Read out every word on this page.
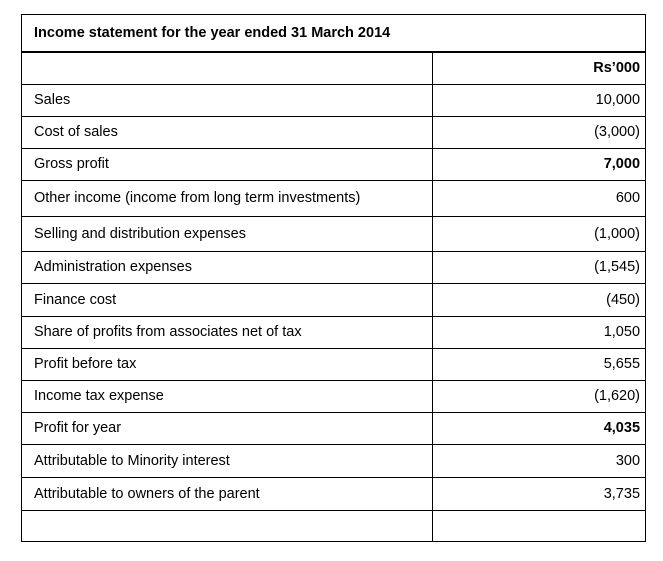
Income statement for the year ended 31 March 2014	
	Rs’000
Sales	10,000
Cost of sales	(3,000)
Gross profit	7,000
Other income (income from long term investments)	600
Selling and distribution expenses	(1,000)
Administration expenses	(1,545)
Finance cost	(450)
Share of profits from associates net of tax	1,050
Profit before tax	5,655
Income tax expense	(1,620)
Profit for year	4,035
Attributable to Minority interest	300
Attributable to owners of the parent	3,735
